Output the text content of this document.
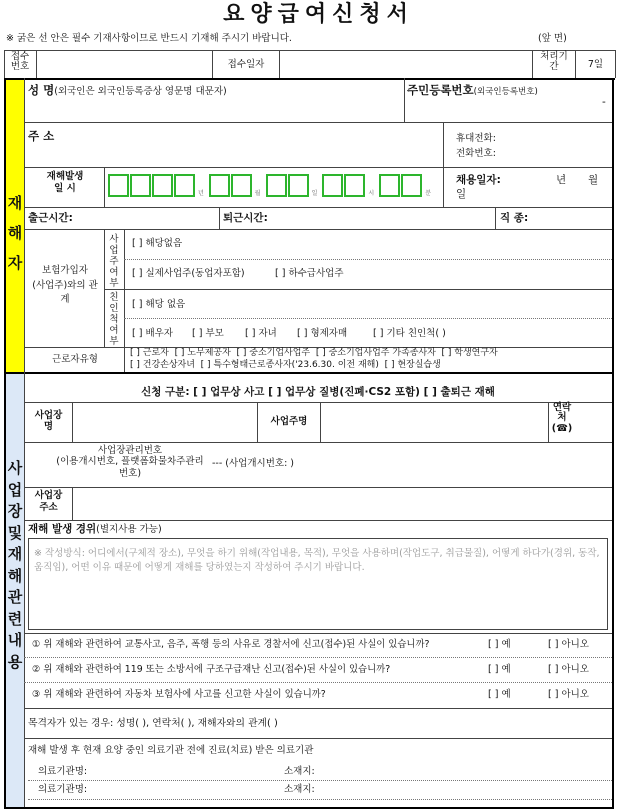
요양급여신청서
※ 굵은 선 안은 필수 기재사항이므로 반드시 기재해 주시기 바랍니다.	(앞 면)
접수
번호	접수일자
처리기
간	7일
재해자
사업장 및 재해 관련 내용
성 명(외국인은 외국인등록증상 영문명 대문자)	주민등록번호(외국인등록번호)
-
주 소	휴대전화:
전화번호:
재해발생
일 시	년	월	일	시	분
채용일자:	년 월
일
출근시간:	퇴근시간:	직 종:
보험가입자
(사업주)와의 관
계
사업주여부
친인척여부
[ ] 해당없음
[ ] 실제사업주(동업자포함)	[ ] 하수급사업주
[ ] 해당 없음
[ ] 배우자 [ ] 부모 [ ] 자녀 [ ] 형제자매	[ ] 기타 친인척( )
근로자유형
[ ] 근로자 [ ] 노무제공자 [ ] 중소기업사업주 [ ] 중소기업사업주 가족종사자 [ ] 학생연구자
[ ] 건강손상자녀 [ ] 특수형태근로종사자('23.6.30. 이전 재해) [ ] 현장실습생
신청 구분: [ ] 업무상 사고 [ ] 업무상 질병(진폐·CS2 포함) [ ] 출퇴근 재해
사업장
명	사업주명
연락
처
(☎)
사업장관리번호
(이용개시번호, 플랫폼화물차주관리
번호)
--- (사업개시번호: )
사업장
주소
재해 발생 경위(별지사용 가능)
※ 작성방식: 어디에서(구체적 장소), 무엇을 하기 위해(작업내용, 목적), 무엇을 사용하며(작업도구, 취급물질), 어떻게 하다가(경위, 동작, 움직임), 어떤 이유 때문에 어떻게 재해를 당하였는지 작성하여 주시기 바랍니다.
① 위 재해와 관련하여 교통사고, 음주, 폭행 등의 사유로 경찰서에 신고(접수)된 사실이 있습니까?	[ ] 예	[ ] 아니오
② 위 재해와 관련하여 119 또는 소방서에 구조구급재난 신고(접수)된 사실이 있습니까?	[ ] 예	[ ] 아니오
③ 위 재해와 관련하여 자동차 보험사에 사고를 신고한 사실이 있습니까?	[ ] 예	[ ] 아니오
목격자가 있는 경우: 성명( ), 연락처( ), 재해자와의 관계( )
재해 발생 후 현재 요양 중인 의료기관 전에 진료(치료) 받은 의료기관
의료기관명:	소재지:
의료기관명:	소재지:
